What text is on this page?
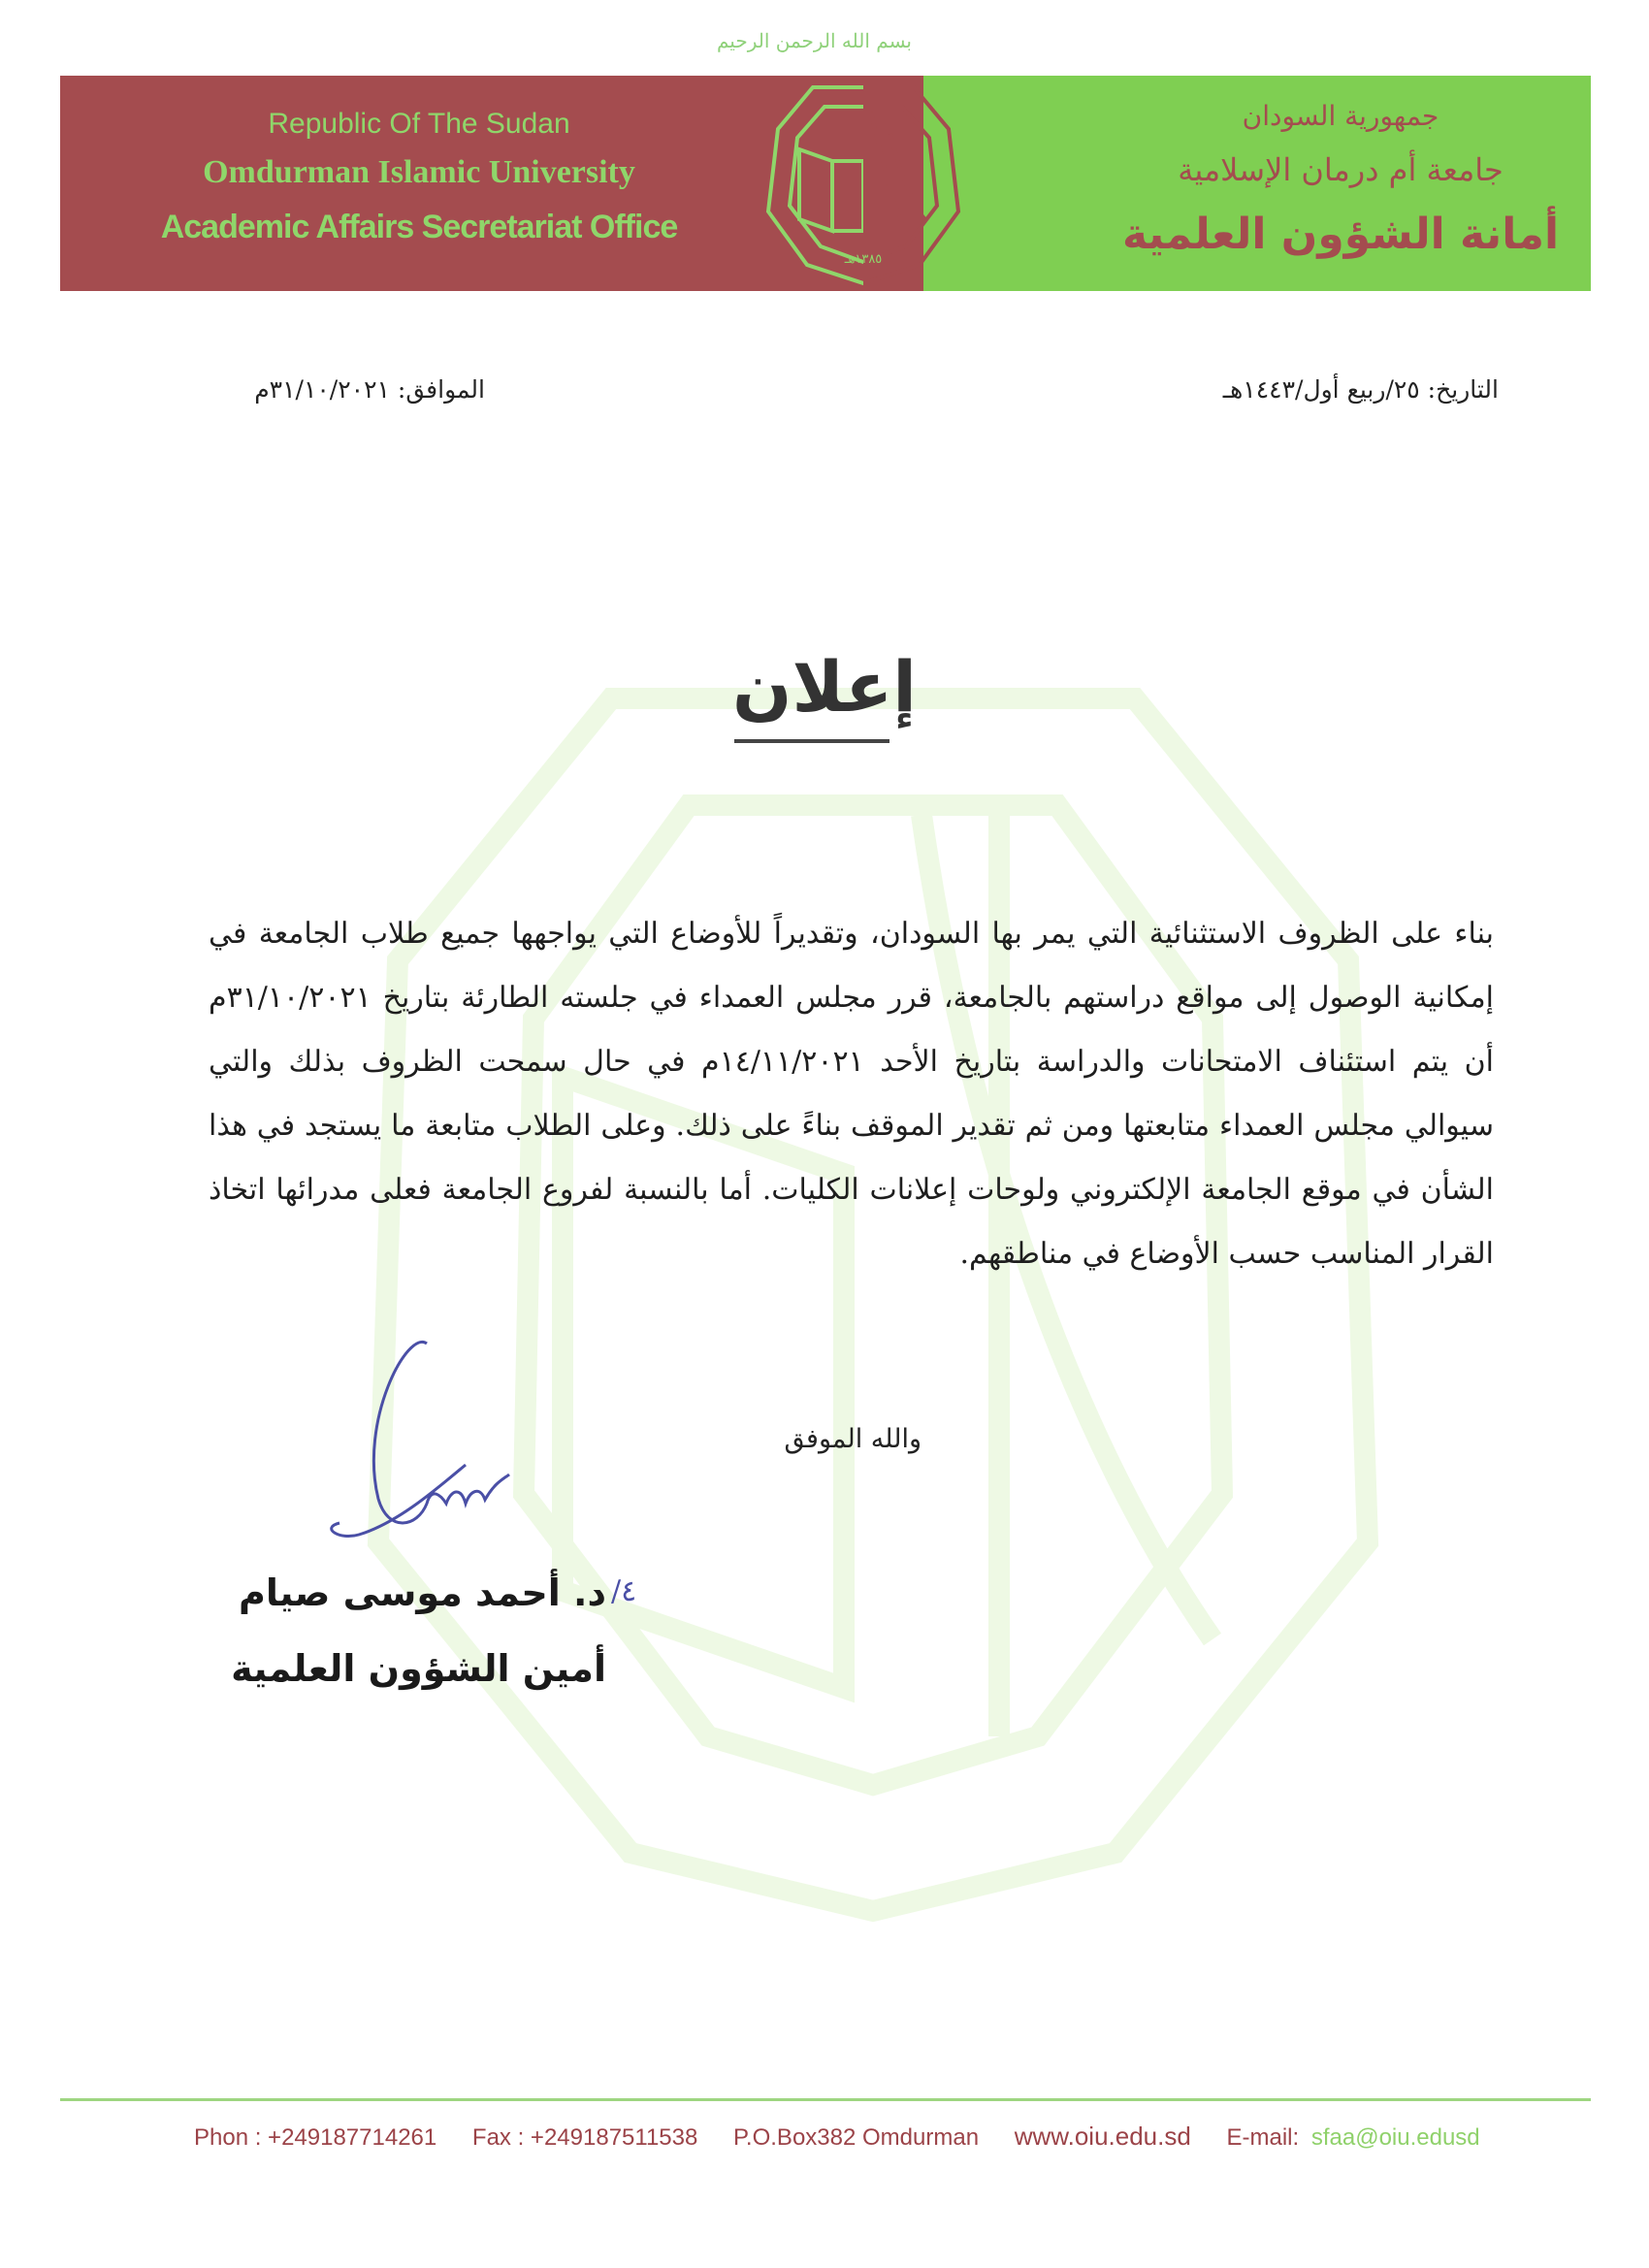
بسم الله الرحمن الرحيم
Republic Of The Sudan
Omdurman Islamic University
Academic Affairs Secretariat Office
جمهورية السودان
جامعة أم درمان الإسلامية
أمانة الشؤون العلمية
١٣٨٥هـ
التاريخ: ٢٥/ربيع أول/١٤٤٣هـ
الموافق: ٣١/١٠/٢٠٢١م
إعلان
بناء على الظروف الاستثنائية التي يمر بها السودان، وتقديراً للأوضاع التي يواجهها جميع طلاب الجامعة في إمكانية الوصول إلى مواقع دراستهم بالجامعة، قرر مجلس العمداء في جلسته الطارئة بتاريخ ٣١/١٠/٢٠٢١م أن يتم استئناف الامتحانات والدراسة بتاريخ الأحد ١٤/١١/٢٠٢١م في حال سمحت الظروف بذلك والتي سيوالي مجلس العمداء متابعتها ومن ثم تقدير الموقف بناءً على ذلك. وعلى الطلاب متابعة ما يستجد في هذا الشأن في موقع الجامعة الإلكتروني ولوحات إعلانات الكليات. أما بالنسبة لفروع الجامعة فعلى مدرائها اتخاذ القرار المناسب حسب الأوضاع في مناطقهم.
والله الموفق
٤/
د. أحمد موسى صيام
أمين الشؤون العلمية
Phon : +249187714261 Fax : +249187511538 P.O.Box382 Omdurman www.oiu.edu.sd E-mail: sfaa@oiu.edusd
